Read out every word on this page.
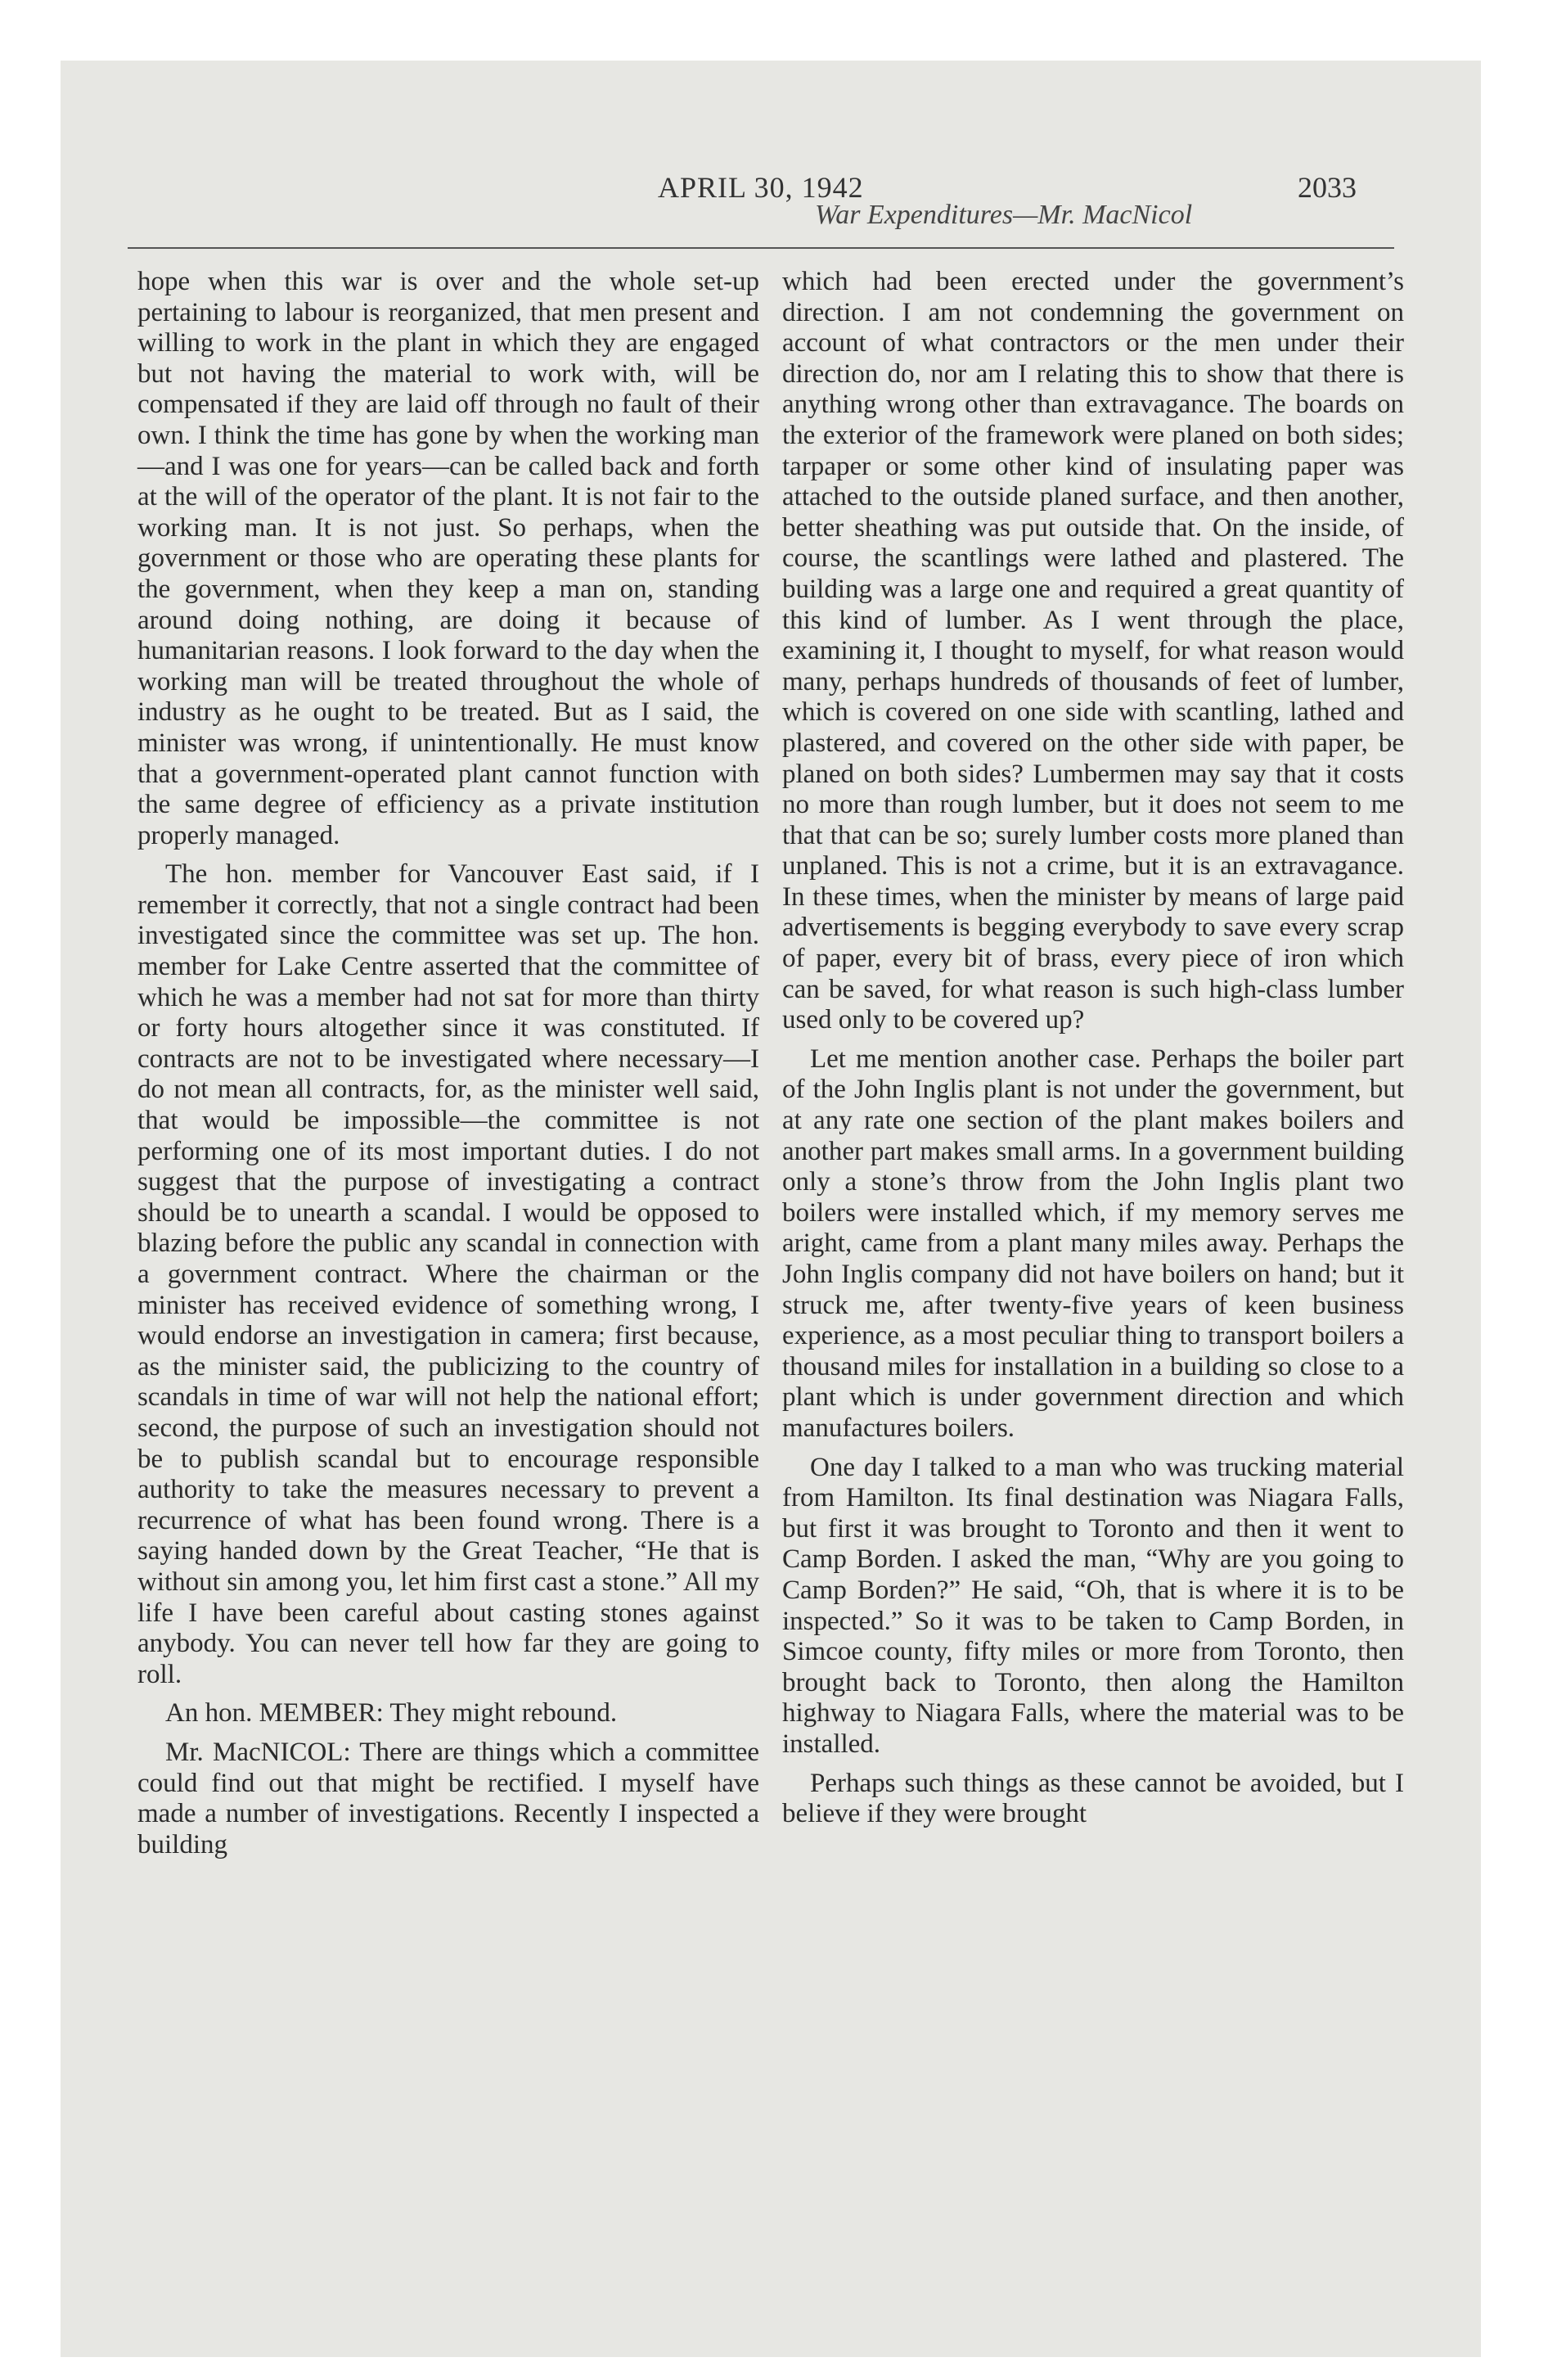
APRIL 30, 1942	2033
War Expenditures—Mr. MacNicol

hope when this war is over and the whole set-up pertaining to labour is reorganized, that men present and willing to work in the plant in which they are engaged but not having the material to work with, will be compensated if they are laid off through no fault of their own. I think the time has gone by when the working man—and I was one for years—can be called back and forth at the will of the operator of the plant. It is not fair to the working man. It is not just. So perhaps, when the government or those who are operating these plants for the government, when they keep a man on, standing around doing nothing, are doing it because of humanitarian reasons. I look forward to the day when the working man will be treated throughout the whole of industry as he ought to be treated. But as I said, the minister was wrong, if unintentionally. He must know that a government-operated plant cannot function with the same degree of efficiency as a private institution properly managed.

The hon. member for Vancouver East said, if I remember it correctly, that not a single contract had been investigated since the committee was set up. The hon. member for Lake Centre asserted that the committee of which he was a member had not sat for more than thirty or forty hours altogether since it was constituted. If contracts are not to be investigated where necessary—I do not mean all contracts, for, as the minister well said, that would be impossible—the committee is not performing one of its most important duties. I do not suggest that the purpose of investigating a contract should be to unearth a scandal. I would be opposed to blazing before the public any scandal in connection with a government contract. Where the chairman or the minister has received evidence of something wrong, I would endorse an investigation in camera; first because, as the minister said, the publicizing to the country of scandals in time of war will not help the national effort; second, the purpose of such an investigation should not be to publish scandal but to encourage responsible authority to take the measures necessary to prevent a recurrence of what has been found wrong. There is a saying handed down by the Great Teacher, “He that is without sin among you, let him first cast a stone.” All my life I have been careful about casting stones against anybody. You can never tell how far they are going to roll.

An hon. MEMBER: They might rebound.

Mr. MacNICOL: There are things which a committee could find out that might be rectified. I myself have made a number of investigations. Recently I inspected a building

which had been erected under the government’s direction. I am not condemning the government on account of what contractors or the men under their direction do, nor am I relating this to show that there is anything wrong other than extravagance. The boards on the exterior of the framework were planed on both sides; tarpaper or some other kind of insulating paper was attached to the outside planed surface, and then another, better sheathing was put outside that. On the inside, of course, the scantlings were lathed and plastered. The building was a large one and required a great quantity of this kind of lumber. As I went through the place, examining it, I thought to myself, for what reason would many, perhaps hundreds of thousands of feet of lumber, which is covered on one side with scantling, lathed and plastered, and covered on the other side with paper, be planed on both sides? Lumbermen may say that it costs no more than rough lumber, but it does not seem to me that that can be so; surely lumber costs more planed than unplaned. This is not a crime, but it is an extravagance. In these times, when the minister by means of large paid advertisements is begging everybody to save every scrap of paper, every bit of brass, every piece of iron which can be saved, for what reason is such high-class lumber used only to be covered up?

Let me mention another case. Perhaps the boiler part of the John Inglis plant is not under the government, but at any rate one section of the plant makes boilers and another part makes small arms. In a government building only a stone’s throw from the John Inglis plant two boilers were installed which, if my memory serves me aright, came from a plant many miles away. Perhaps the John Inglis company did not have boilers on hand; but it struck me, after twenty-five years of keen business experience, as a most peculiar thing to transport boilers a thousand miles for installation in a building so close to a plant which is under government direction and which manufactures boilers.

One day I talked to a man who was trucking material from Hamilton. Its final destination was Niagara Falls, but first it was brought to Toronto and then it went to Camp Borden. I asked the man, “Why are you going to Camp Borden?” He said, “Oh, that is where it is to be inspected.” So it was to be taken to Camp Borden, in Simcoe county, fifty miles or more from Toronto, then brought back to Toronto, then along the Hamilton highway to Niagara Falls, where the material was to be installed.

Perhaps such things as these cannot be avoided, but I believe if they were brought
